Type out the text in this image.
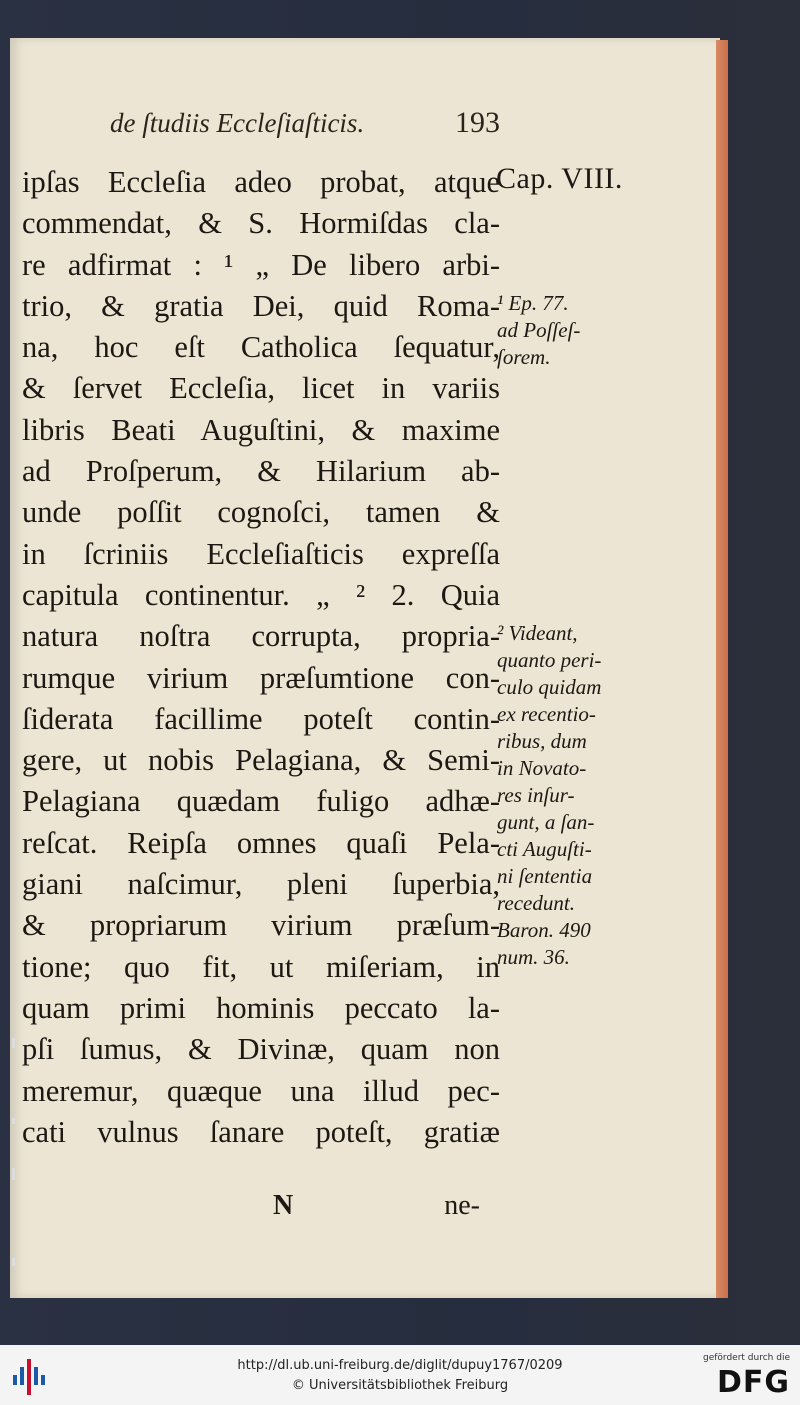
de ſtudiis Eccleſiaſticis.	193
ipſas Eccleſia adeo probat, atque
commendat, & S. Hormiſdas cla-
re adfirmat : ¹ „ De libero arbi-
trio, & gratia Dei, quid Roma-
na, hoc eſt Catholica ſequatur,
& ſervet Eccleſia, licet in variis
libris Beati Auguſtini, & maxime
ad Proſperum, & Hilarium ab-
unde poſſit cognoſci, tamen &
in ſcriniis Eccleſiaſticis expreſſa
capitula continentur. „ ² 2. Quia
natura noſtra corrupta, propria-
rumque virium præſumtione con-
ſiderata facillime poteſt contin-
gere, ut nobis Pelagiana, & Semi-
Pelagiana quædam fuligo adhæ-
reſcat. Reipſa omnes quaſi Pela-
giani naſcimur, pleni ſuperbia,
& propriarum virium præſum-
tione; quo fit, ut miſeriam, in
quam primi hominis peccato la-
pſi ſumus, & Divinæ, quam non
meremur, quæque una illud pec-
cati vulnus ſanare poteſt, gratiæ
Cap. VIII.
¹ Ep. 77.
ad Poſſeſ-
ſorem.
² Videant,
quanto peri-
culo quidam
ex recentio-
ribus, dum
in Novato-
res inſur-
gunt, a ſan-
cti Auguſti-
ni ſententia
recedunt.
Baron. 490
num. 36.
N	ne-
http://dl.ub.uni-freiburg.de/diglit/dupuy1767/0209
© Universitätsbibliothek Freiburg
gefördert durch die
DFG
